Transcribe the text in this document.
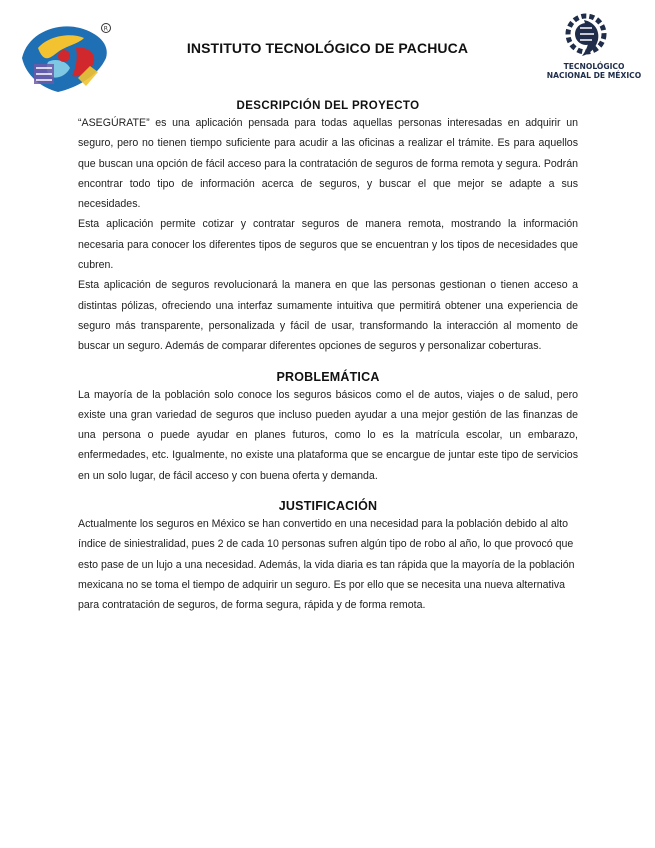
R
INSTITUTO TECNOLÓGICO DE PACHUCA
TECNOLÓGICO
NACIONAL DE MÉXICO
DESCRIPCIÓN DEL PROYECTO

“ASEGÚRATE” es una aplicación pensada para todas aquellas personas interesadas en adquirir un seguro, pero no tienen tiempo suficiente para acudir a las oficinas a realizar el trámite. Es para aquellos que buscan una opción de fácil acceso para la contratación de seguros de forma remota y segura. Podrán encontrar todo tipo de información acerca de seguros, y buscar el que mejor se adapte a sus necesidades.

Esta aplicación permite cotizar y contratar seguros de manera remota, mostrando la información necesaria para conocer los diferentes tipos de seguros que se encuentran y los tipos de necesidades que cubren.

Esta aplicación de seguros revolucionará la manera en que las personas gestionan o tienen acceso a distintas pólizas, ofreciendo una interfaz sumamente intuitiva que permitirá obtener una experiencia de seguro más transparente, personalizada y fácil de usar, transformando la interacción al momento de buscar un seguro. Además de comparar diferentes opciones de seguros y personalizar coberturas.

PROBLEMÁTICA

La mayoría de la población solo conoce los seguros básicos como el de autos, viajes o de salud, pero existe una gran variedad de seguros que incluso pueden ayudar a una mejor gestión de las finanzas de una persona o puede ayudar en planes futuros, como lo es la matrícula escolar, un embarazo, enfermedades, etc. Igualmente, no existe una plataforma que se encargue de juntar este tipo de servicios en un solo lugar, de fácil acceso y con buena oferta y demanda.

JUSTIFICACIÓN

Actualmente los seguros en México se han convertido en una necesidad para la población debido al alto índice de siniestralidad, pues 2 de cada 10 personas sufren algún tipo de robo al año, lo que provocó que esto pase de un lujo a una necesidad. Además, la vida diaria es tan rápida que la mayoría de la población mexicana no se toma el tiempo de adquirir un seguro. Es por ello que se necesita una nueva alternativa para contratación de seguros, de forma segura, rápida y de forma remota.
